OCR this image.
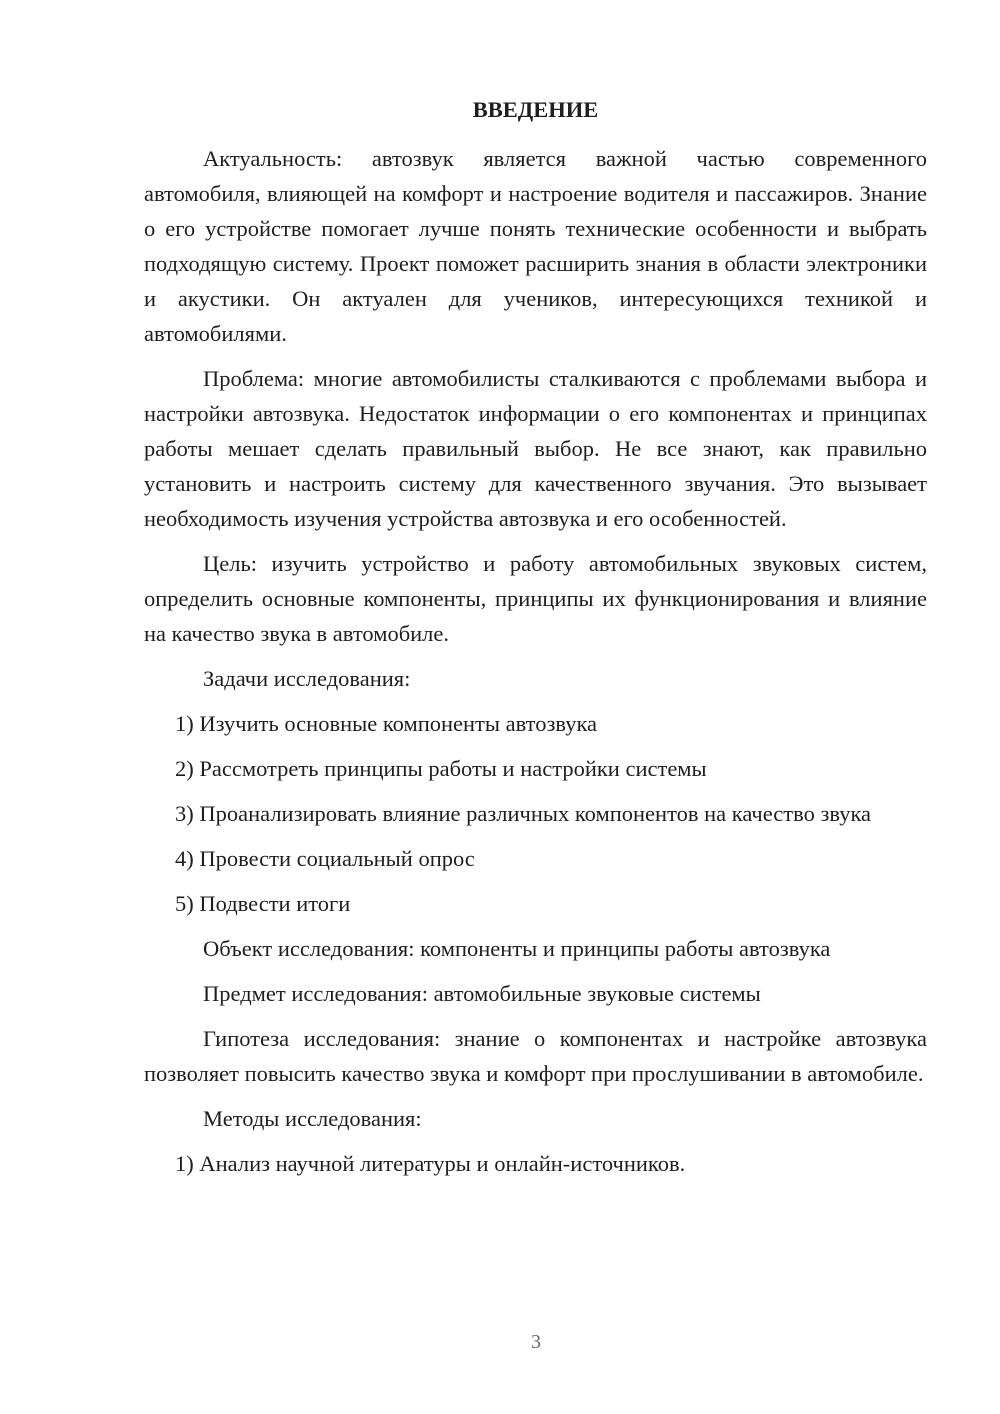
ВВЕДЕНИЕ

Актуальность: автозвук является важной частью современного автомобиля, влияющей на комфорт и настроение водителя и пассажиров. Знание о его устройстве помогает лучше понять технические особенности и выбрать подходящую систему. Проект поможет расширить знания в области электроники и акустики. Он актуален для учеников, интересующихся техникой и автомобилями.

Проблема: многие автомобилисты сталкиваются с проблемами выбора и настройки автозвука. Недостаток информации о его компонентах и принципах работы мешает сделать правильный выбор. Не все знают, как правильно установить и настроить систему для качественного звучания. Это вызывает необходимость изучения устройства автозвука и его особенностей.

Цель: изучить устройство и работу автомобильных звуковых систем, определить основные компоненты, принципы их функционирования и влияние на качество звука в автомобиле.

Задачи исследования:

1) Изучить основные компоненты автозвука

2) Рассмотреть принципы работы и настройки системы

3) Проанализировать влияние различных компонентов на качество звука

4) Провести социальный опрос

5) Подвести итоги

Объект исследования: компоненты и принципы работы автозвука

Предмет исследования: автомобильные звуковые системы

Гипотеза исследования: знание о компонентах и настройке автозвука позволяет повысить качество звука и комфорт при прослушивании в автомобиле.

Методы исследования:

1) Анализ научной литературы и онлайн-источников.

3
